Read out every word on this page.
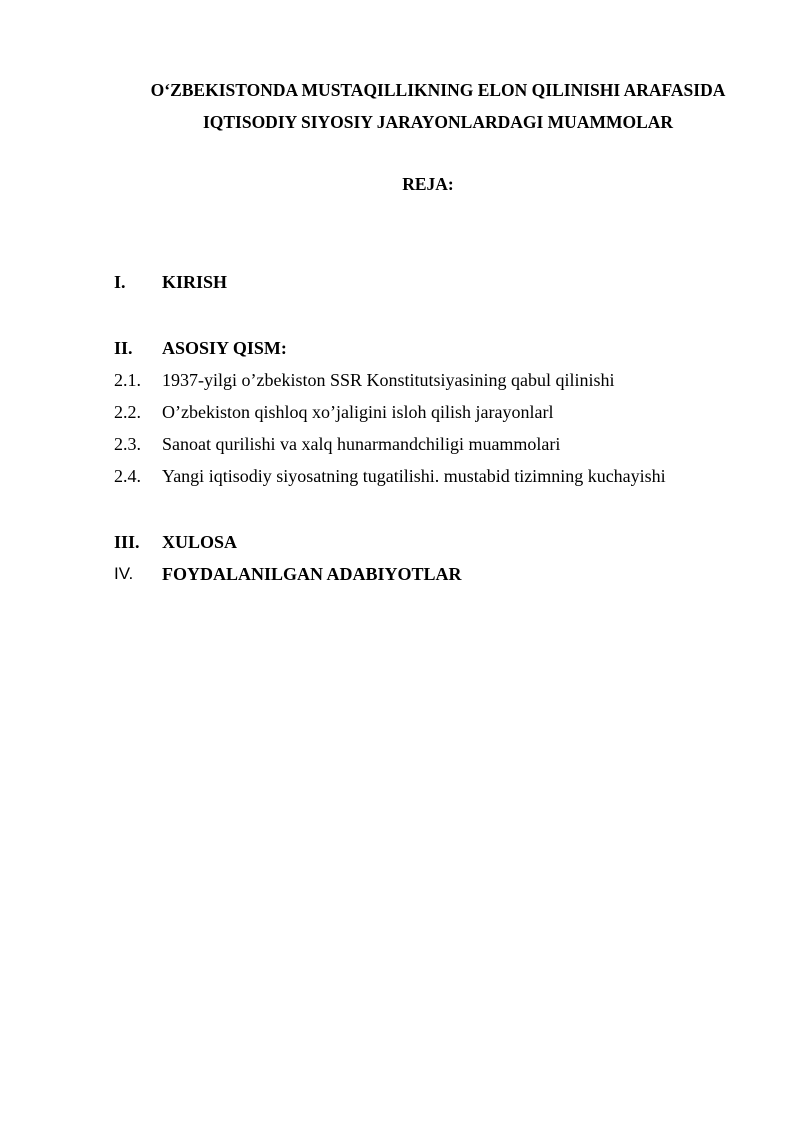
O‘ZBEKISTONDA MUSTAQILLIKNING ELON QILINISHI ARAFASIDA
IQTISODIY SIYOSIY JARAYONLARDAGI MUAMMOLAR
REJA:
I. KIRISH
II. ASOSIY QISM:
2.1. 1937-yilgi o’zbekiston SSR Konstitutsiyasining qabul qilinishi
2.2. O’zbekiston qishloq xo’jaligini isloh qilish jarayonlarl
2.3. Sanoat qurilishi va xalq hunarmandchiligi muammolari
2.4. Yangi iqtisodiy siyosatning tugatilishi. mustabid tizimning kuchayishi
III. XULOSA
IV. FOYDALANILGAN ADABIYOTLAR
